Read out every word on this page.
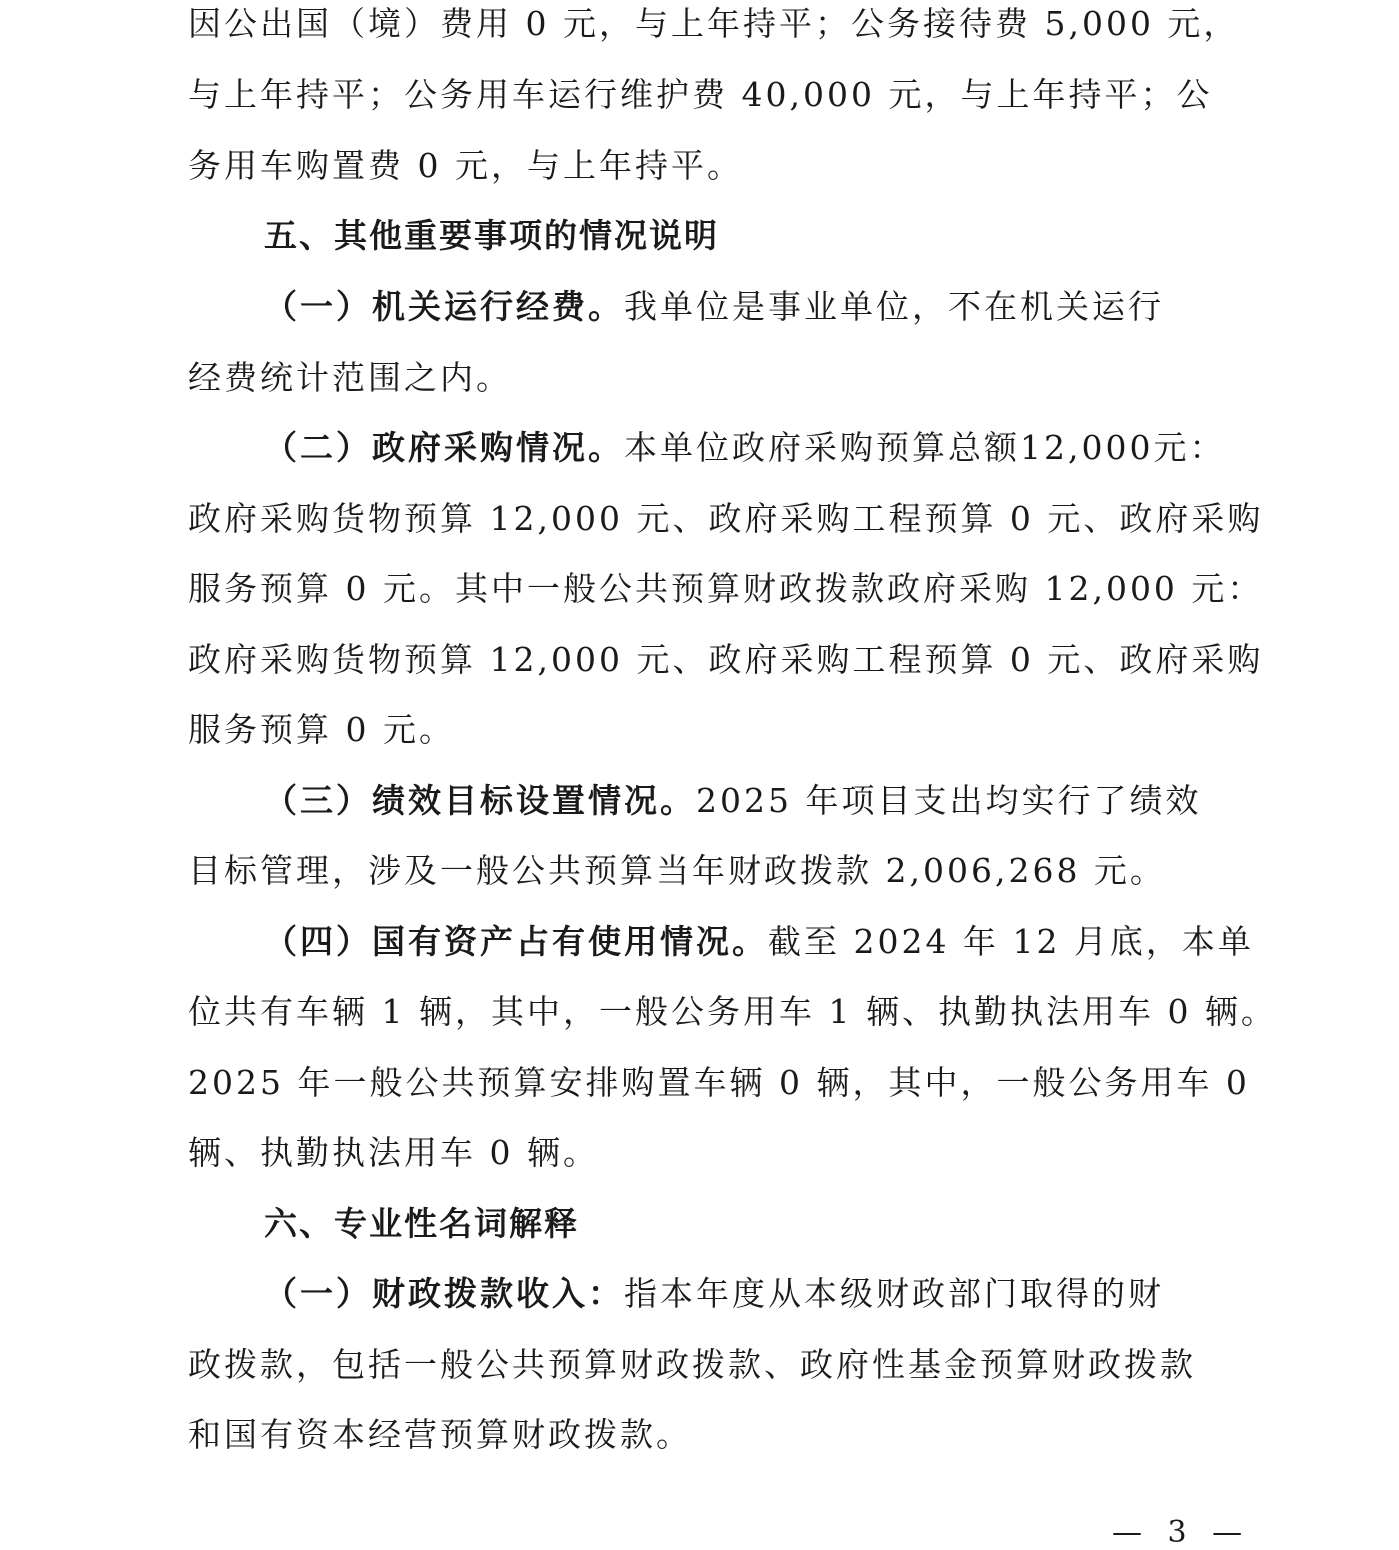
因公出国（境）费用 0 元，与上年持平；公务接待费 5,000 元，
与上年持平；公务用车运行维护费 40,000 元，与上年持平；公
务用车购置费 0 元，与上年持平。
五、其他重要事项的情况说明
（一）机关运行经费。我单位是事业单位，不在机关运行
经费统计范围之内。
（二）政府采购情况。本单位政府采购预算总额12,000元：
政府采购货物预算 12,000 元、政府采购工程预算 0 元、政府采购
服务预算 0 元。其中一般公共预算财政拨款政府采购 12,000 元：
政府采购货物预算 12,000 元、政府采购工程预算 0 元、政府采购
服务预算 0 元。
（三）绩效目标设置情况。2025 年项目支出均实行了绩效
目标管理，涉及一般公共预算当年财政拨款 2,006,268 元。
（四）国有资产占有使用情况。截至 2024 年 12 月底，本单
位共有车辆 1 辆，其中，一般公务用车 1 辆、执勤执法用车 0 辆。
2025 年一般公共预算安排购置车辆 0 辆，其中，一般公务用车 0
辆、执勤执法用车 0 辆。
六、专业性名词解释
（一）财政拨款收入：指本年度从本级财政部门取得的财
政拨款，包括一般公共预算财政拨款、政府性基金预算财政拨款
和国有资本经营预算财政拨款。
— 3 —
